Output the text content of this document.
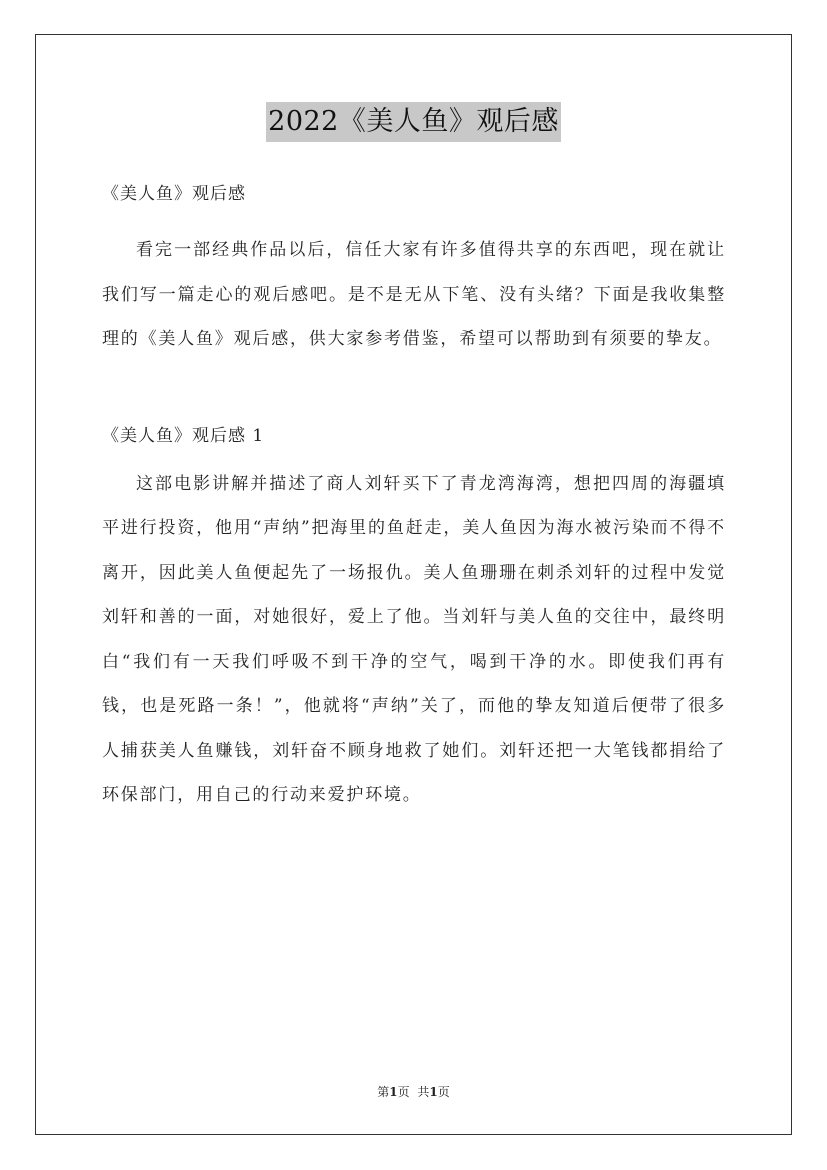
2022《美人鱼》观后感

《美人鱼》观后感

看完一部经典作品以后，信任大家有许多值得共享的东西吧，现在就让我们写一篇走心的观后感吧。是不是无从下笔、没有头绪？下面是我收集整理的《美人鱼》观后感，供大家参考借鉴，希望可以帮助到有须要的挚友。

《美人鱼》观后感 1

这部电影讲解并描述了商人刘轩买下了青龙湾海湾，想把四周的海疆填平进行投资，他用“声纳”把海里的鱼赶走，美人鱼因为海水被污染而不得不离开，因此美人鱼便起先了一场报仇。美人鱼珊珊在刺杀刘轩的过程中发觉刘轩和善的一面，对她很好，爱上了他。当刘轩与美人鱼的交往中，最终明白“我们有一天我们呼吸不到干净的空气，喝到干净的水。即使我们再有钱，也是死路一条！”，他就将“声纳”关了，而他的挚友知道后便带了很多人捕获美人鱼赚钱，刘轩奋不顾身地救了她们。刘轩还把一大笔钱都捐给了环保部门，用自己的行动来爱护环境。

第1页 共1页
